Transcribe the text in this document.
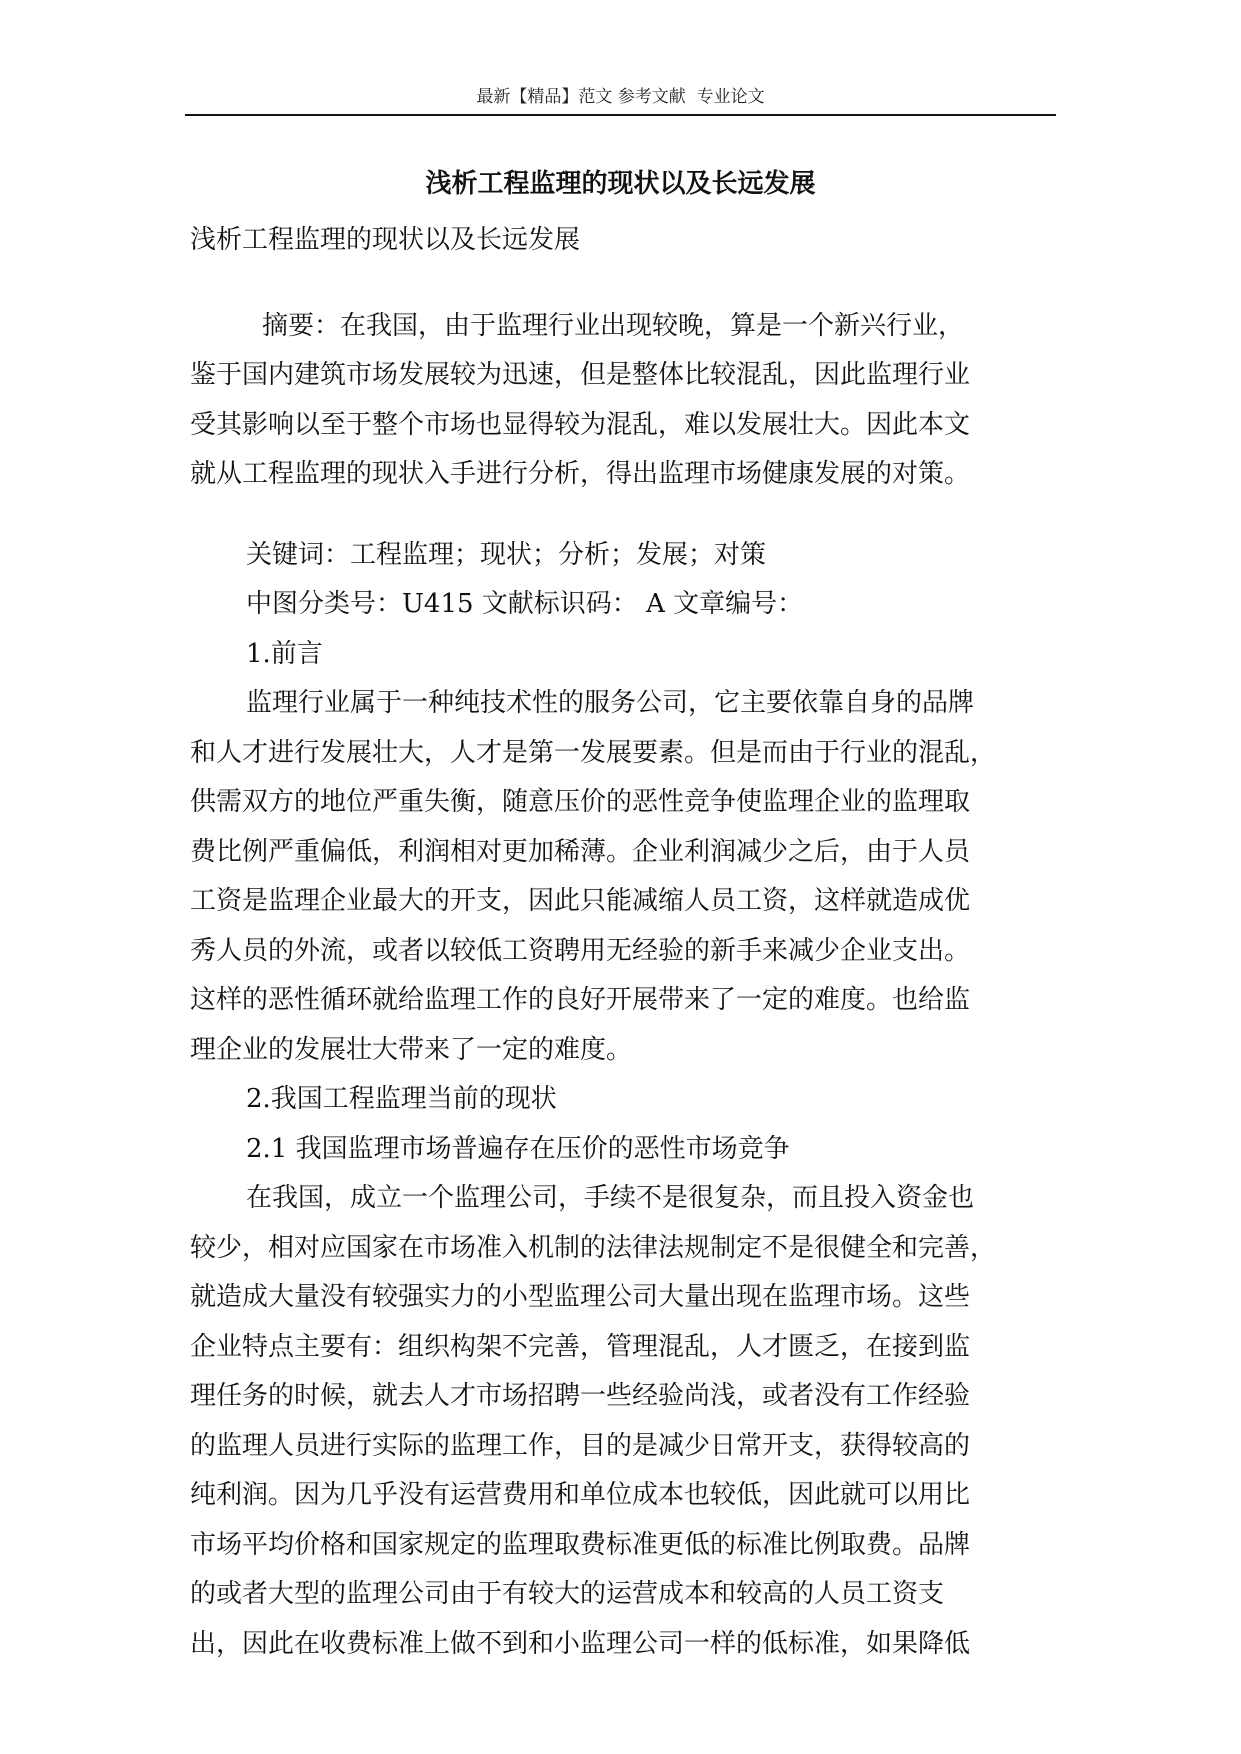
最新【精品】范文 参考文献  专业论文
浅析工程监理的现状以及长远发展
浅析工程监理的现状以及长远发展
摘要：在我国，由于监理行业出现较晚，算是一个新兴行业，
鉴于国内建筑市场发展较为迅速，但是整体比较混乱，因此监理行业
受其影响以至于整个市场也显得较为混乱，难以发展壮大。因此本文
就从工程监理的现状入手进行分析，得出监理市场健康发展的对策。
关键词：工程监理；现状；分析；发展；对策
中图分类号：U415 文献标识码： A 文章编号：
1.前言
监理行业属于一种纯技术性的服务公司，它主要依靠自身的品牌
和人才进行发展壮大，人才是第一发展要素。但是而由于行业的混乱，
供需双方的地位严重失衡，随意压价的恶性竞争使监理企业的监理取
费比例严重偏低，利润相对更加稀薄。企业利润减少之后，由于人员
工资是监理企业最大的开支，因此只能减缩人员工资，这样就造成优
秀人员的外流，或者以较低工资聘用无经验的新手来减少企业支出。
这样的恶性循环就给监理工作的良好开展带来了一定的难度。也给监
理企业的发展壮大带来了一定的难度。
2.我国工程监理当前的现状
2.1 我国监理市场普遍存在压价的恶性市场竞争
在我国，成立一个监理公司，手续不是很复杂，而且投入资金也
较少，相对应国家在市场准入机制的法律法规制定不是很健全和完善，
就造成大量没有较强实力的小型监理公司大量出现在监理市场。这些
企业特点主要有：组织构架不完善，管理混乱，人才匮乏，在接到监
理任务的时候，就去人才市场招聘一些经验尚浅，或者没有工作经验
的监理人员进行实际的监理工作，目的是减少日常开支，获得较高的
纯利润。因为几乎没有运营费用和单位成本也较低，因此就可以用比
市场平均价格和国家规定的监理取费标准更低的标准比例取费。品牌
的或者大型的监理公司由于有较大的运营成本和较高的人员工资支
出，因此在收费标准上做不到和小监理公司一样的低标准，如果降低
